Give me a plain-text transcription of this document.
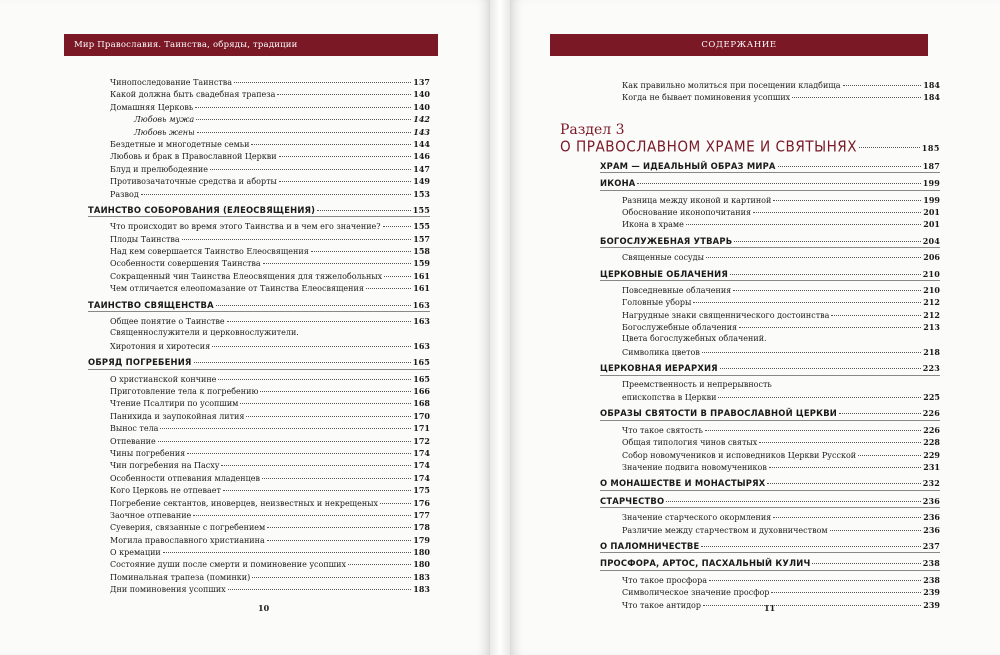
Мир Православия. Таинства, обряды, традиции
Чинопоследование Таинства	137
Какой должна быть свадебная трапеза	140
Домашняя Церковь	140
Любовь мужа	142
Любовь жены	143
Бездетные и многодетные семьи	144
Любовь и брак в Православной Церкви	146
Блуд и прелюбодеяние	147
Противозачаточные средства и аборты	149
Развод	153
ТАИНСТВО СОБОРОВАНИЯ (ЕЛЕОСВЯЩЕНИЯ)	155
Что происходит во время этого Таинства и в чем его значение?	155
Плоды Таинства	157
Над кем совершается Таинство Елеосвящения	158
Особенности совершения Таинства	159
Сокращенный чин Таинства Елеосвящения для тяжелобольных	161
Чем отличается елеопомазание от Таинства Елеосвящения	161
ТАИНСТВО СВЯЩЕНСТВА	163
Общее понятие о Таинстве	163
Священнослужители и церковнослужители.
Хиротония и хиротесия	163
ОБРЯД ПОГРЕБЕНИЯ	165
О христианской кончине	165
Приготовление тела к погребению	166
Чтение Псалтири по усопшим	168
Панихида и заупокойная лития	170
Вынос тела	171
Отпевание	172
Чины погребения	174
Чин погребения на Пасху	174
Особенности отпевания младенцев	174
Кого Церковь не отпевает	175
Погребение сектантов, иноверцев, неизвестных и некрещеных	176
Заочное отпевание	177
Суеверия, связанные с погребением	178
Могила православного христианина	179
О кремации	180
Состояние души после смерти и поминовение усопших	180
Поминальная трапеза (поминки)	183
Дни поминовения усопших	183
10
СОДЕРЖАНИЕ
Как правильно молиться при посещении кладбища	184
Когда не бывает поминовения усопших	184
Раздел 3
О ПРАВОСЛАВНОМ ХРАМЕ И СВЯТЫНЯХ	185
ХРАМ — ИДЕАЛЬНЫЙ ОБРАЗ МИРА	187
ИКОНА	199
Разница между иконой и картиной	199
Обоснование иконопочитания	201
Икона в храме	201
БОГОСЛУЖЕБНАЯ УТВАРЬ	204
Священные сосуды	206
ЦЕРКОВНЫЕ ОБЛАЧЕНИЯ	210
Повседневные облачения	210
Головные уборы	212
Нагрудные знаки священнического достоинства	212
Богослужебные облачения	213
Цвета богослужебных облачений.
Символика цветов	218
ЦЕРКОВНАЯ ИЕРАРХИЯ	223
Преемственность и непрерывность
епископства в Церкви	225
ОБРАЗЫ СВЯТОСТИ В ПРАВОСЛАВНОЙ ЦЕРКВИ	226
Что такое святость	226
Общая типология чинов святых	228
Собор новомучеников и исповедников Церкви Русской	229
Значение подвига новомучеников	231
О МОНАШЕСТВЕ И МОНАСТЫРЯХ	232
СТАРЧЕСТВО	236
Значение старческого окормления	236
Различие между старчеством и духовничеством	236
О ПАЛОМНИЧЕСТВЕ	237
ПРОСФОРА, АРТОС, ПАСХАЛЬНЫЙ КУЛИЧ	238
Что такое просфора	238
Символическое значение просфор	239
Что такое антидор	239
11
